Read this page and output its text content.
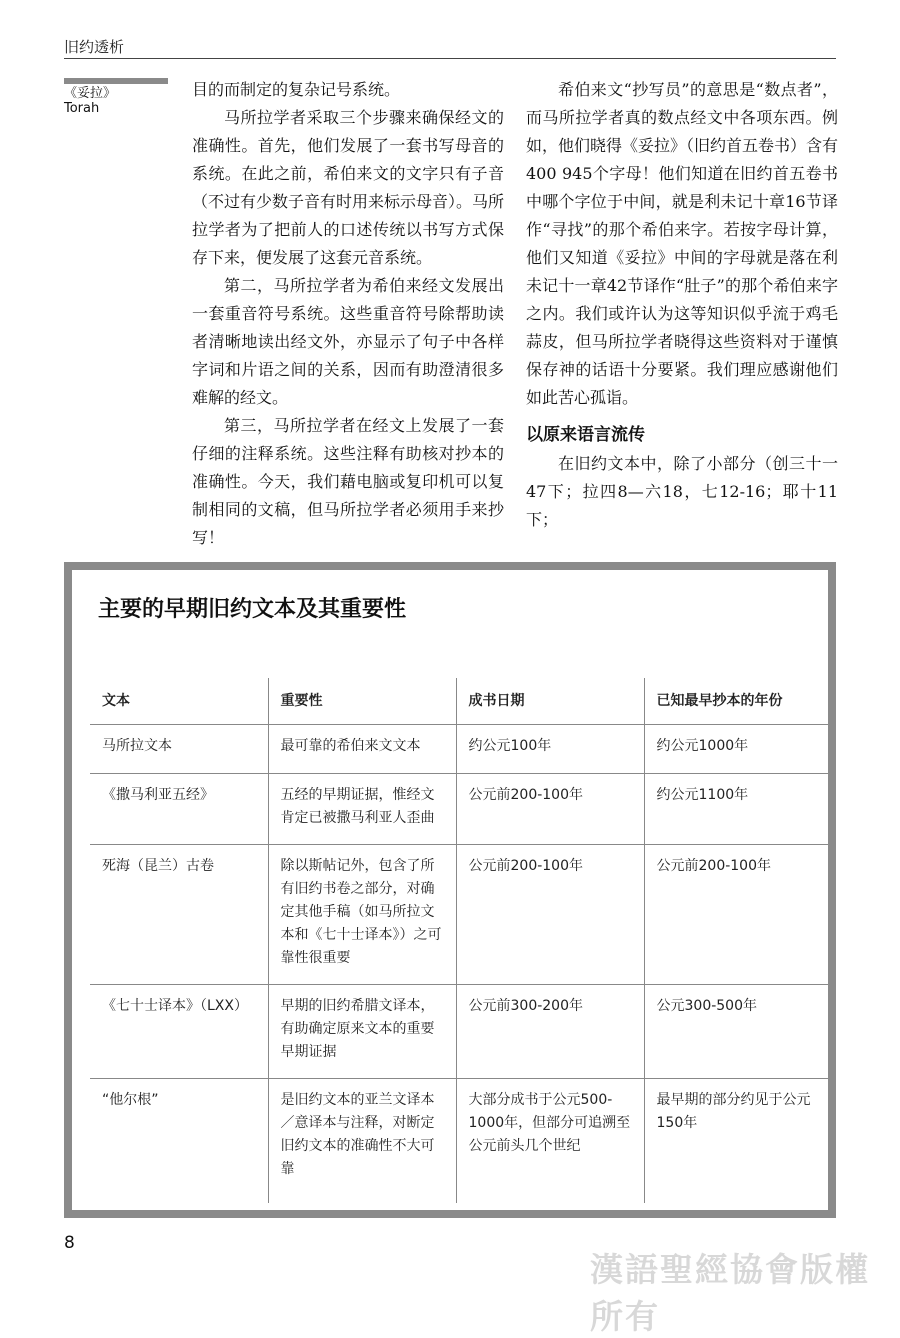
旧约透析
《妥拉》
Torah

目的而制定的复杂记号系统。

马所拉学者采取三个步骤来确保经文的准确性。首先，他们发展了一套书写母音的系统。在此之前，希伯来文的文字只有子音（不过有少数子音有时用来标示母音）。马所拉学者为了把前人的口述传统以书写方式保存下来，便发展了这套元音系统。

第二，马所拉学者为希伯来经文发展出一套重音符号系统。这些重音符号除帮助读者清晰地读出经文外，亦显示了句子中各样字词和片语之间的关系，因而有助澄清很多难解的经文。

第三，马所拉学者在经文上发展了一套仔细的注释系统。这些注释有助核对抄本的准确性。今天，我们藉电脑或复印机可以复制相同的文稿，但马所拉学者必须用手来抄写！

希伯来文“抄写员”的意思是“数点者”，而马所拉学者真的数点经文中各项东西。例如，他们晓得《妥拉》（旧约首五卷书）含有400 945个字母！他们知道在旧约首五卷书中哪个字位于中间，就是利未记十章16节译作“寻找”的那个希伯来字。若按字母计算，他们又知道《妥拉》中间的字母就是落在利未记十一章42节译作“肚子”的那个希伯来字之内。我们或许认为这等知识似乎流于鸡毛蒜皮，但马所拉学者晓得这些资料对于谨慎保存神的话语十分要紧。我们理应感谢他们如此苦心孤诣。

以原来语言流传

在旧约文本中，除了小部分（创三十一47下；拉四8—六18，七12-16；耶十11下；

主要的早期旧约文本及其重要性
文本	重要性	成书日期	已知最早抄本的年份
马所拉文本	最可靠的希伯来文文本	约公元100年	约公元1000年
《撒马利亚五经》	五经的早期证据，惟经文肯定已被撒马利亚人歪曲	公元前200-100年	约公元1100年
死海（昆兰）古卷	除以斯帖记外，包含了所有旧约书卷之部分，对确定其他手稿（如马所拉文本和《七十士译本》）之可靠性很重要	公元前200-100年	公元前200-100年
《七十士译本》（LXX）	早期的旧约希腊文译本，有助确定原来文本的重要早期证据	公元前300-200年	公元300-500年
“他尔根”	是旧约文本的亚兰文译本／意译本与注释，对断定旧约文本的准确性不大可靠	大部分成书于公元500-1000年，但部分可追溯至公元前头几个世纪	最早期的部分约见于公元150年
8
漢語聖經協會版權所有
